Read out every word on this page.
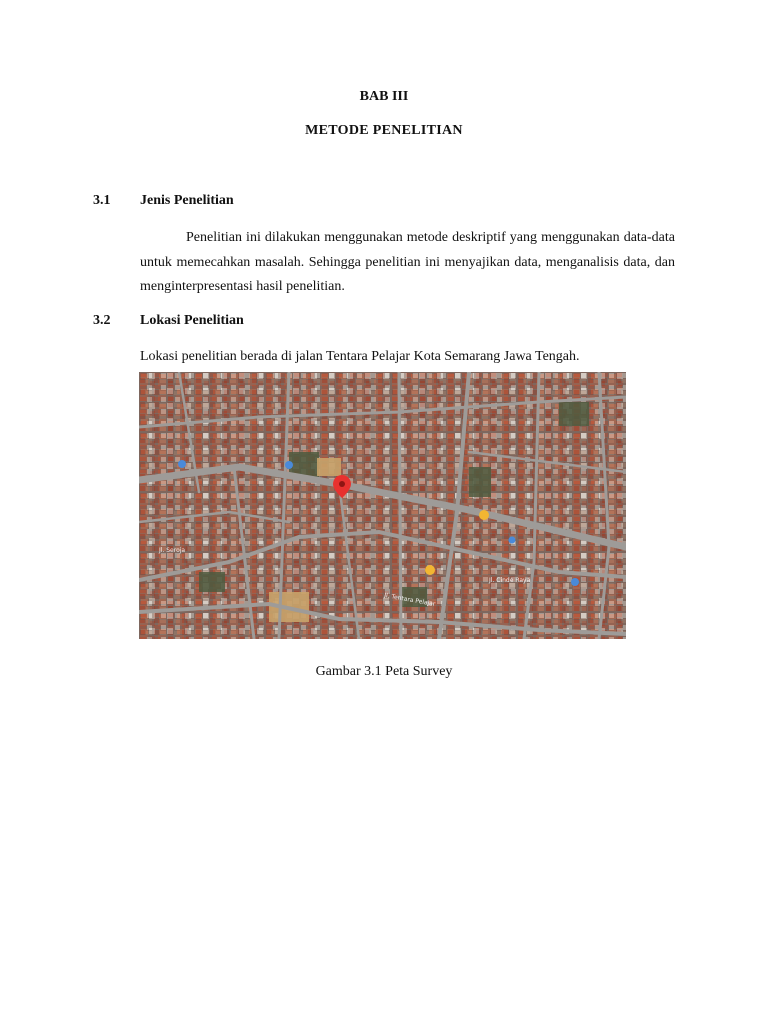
BAB III
METODE PENELITIAN
3.1 Jenis Penelitian
Penelitian ini dilakukan menggunakan metode deskriptif yang menggunakan data-data untuk memecahkan masalah. Sehingga penelitian ini menyajikan data, menganalisis data, dan menginterpresentasi hasil penelitian.
3.2 Lokasi Penelitian
Lokasi penelitian berada di jalan Tentara Pelajar Kota Semarang Jawa Tengah.
Jl. Tentara Pelajar
Jl. Seroja
Jl. Cinde Raya
Gambar 3.1 Peta Survey
